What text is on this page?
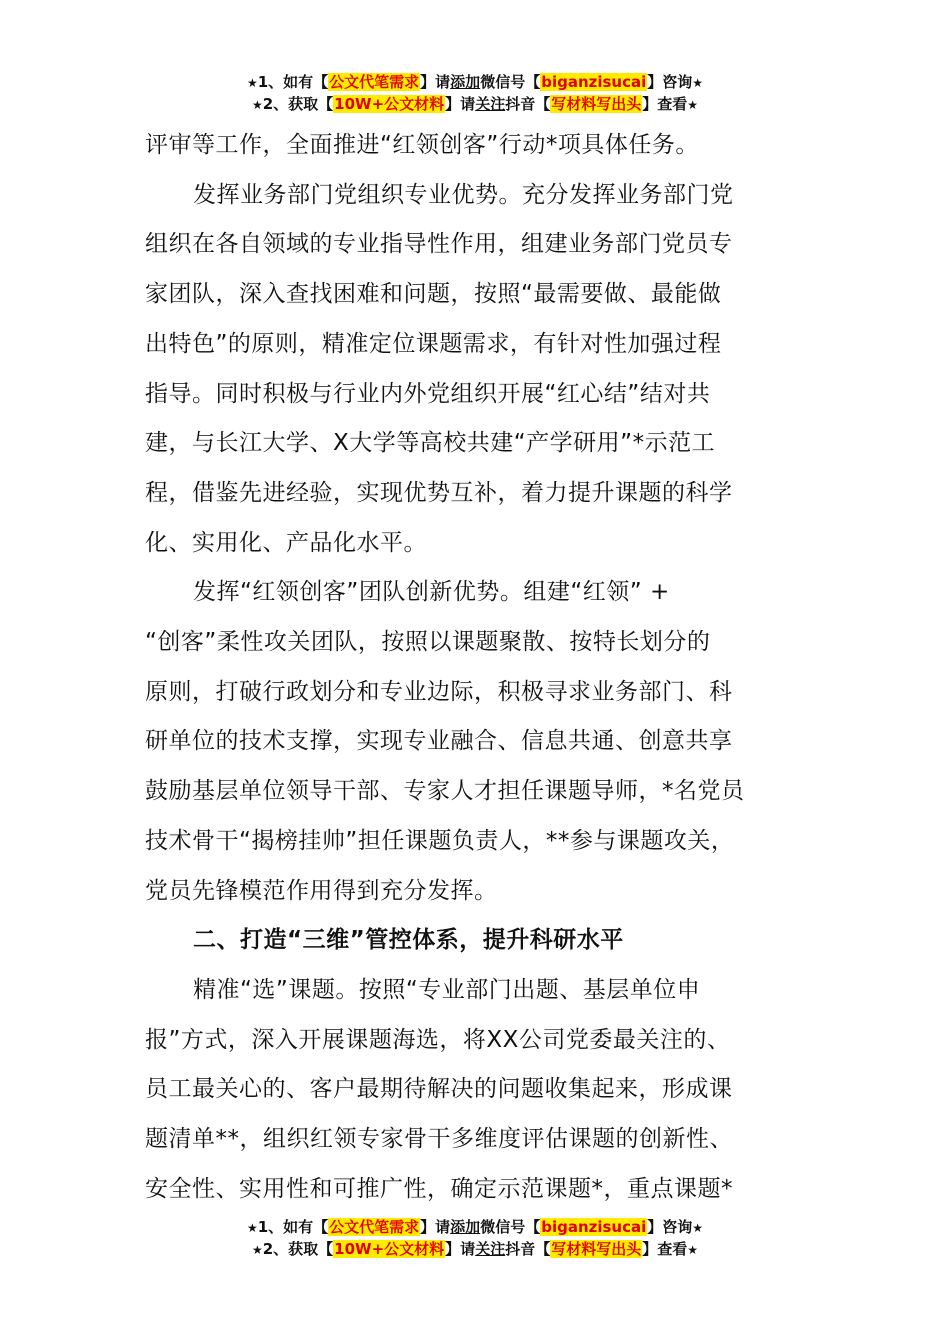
★1、如有【公文代笔需求】请添加微信号【biganzisucai】咨询★
★2、获取【10W+公文材料】请关注抖音【写材料写出头】查看★
评审等工作，全面推进“红领创客”行动*项具体任务。
发挥业务部门党组织专业优势。充分发挥业务部门党
组织在各自领域的专业指导性作用，组建业务部门党员专
家团队，深入查找困难和问题，按照“最需要做、最能做
出特色”的原则，精准定位课题需求，有针对性加强过程
指导。同时积极与行业内外党组织开展“红心结”结对共
建，与长江大学、X大学等高校共建“产学研用”*示范工
程，借鉴先进经验，实现优势互补，着力提升课题的科学
化、实用化、产品化水平。
发挥“红领创客”团队创新优势。组建“红领” +
“创客”柔性攻关团队，按照以课题聚散、按特长划分的
原则，打破行政划分和专业边际，积极寻求业务部门、科
研单位的技术支撑，实现专业融合、信息共通、创意共享
鼓励基层单位领导干部、专家人才担任课题导师，*名党员
技术骨干“揭榜挂帅”担任课题负责人，**参与课题攻关，
党员先锋模范作用得到充分发挥。
二、打造“三维”管控体系，提升科研水平
精准“选”课题。按照“专业部门出题、基层单位申
报”方式，深入开展课题海选，将XX公司党委最关注的、
员工最关心的、客户最期待解决的问题收集起来，形成课
题清单**，组织红领专家骨干多维度评估课题的创新性、
安全性、实用性和可推广性，确定示范课题*，重点课题*
★1、如有【公文代笔需求】请添加微信号【biganzisucai】咨询★
★2、获取【10W+公文材料】请关注抖音【写材料写出头】查看★
